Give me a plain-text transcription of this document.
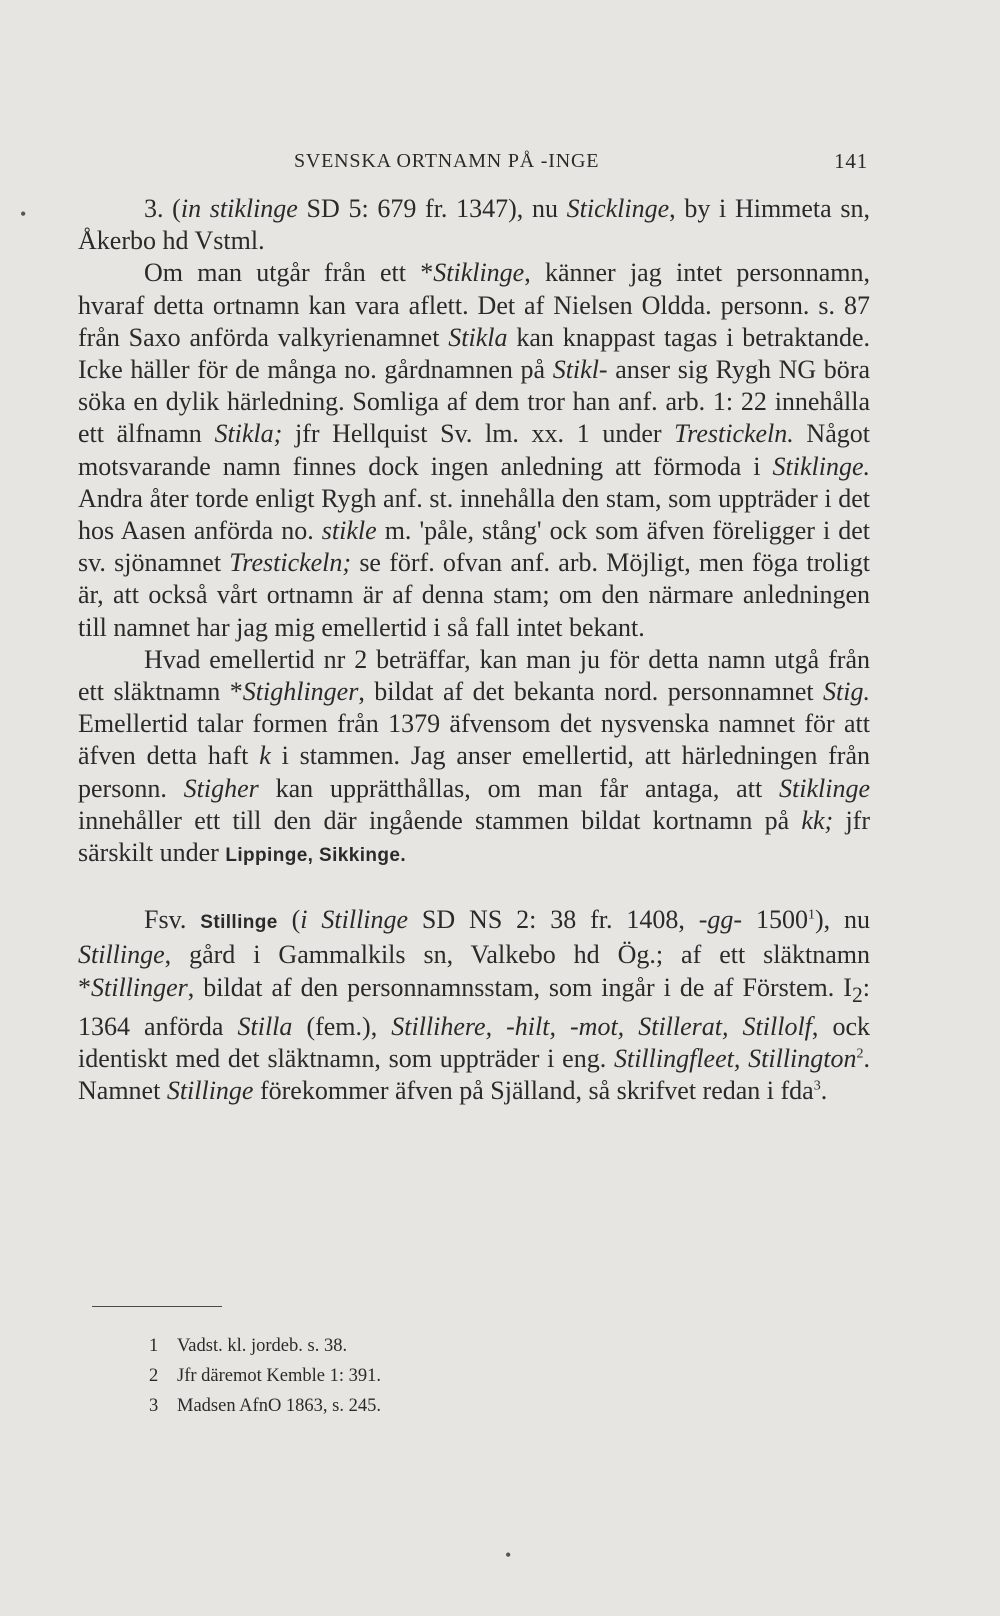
SVENSKA ORTNAMN PÅ -INGE	141

3. (in stiklinge SD 5: 679 fr. 1347), nu Sticklinge, by i Himmeta sn, Åkerbo hd Vstml.

Om man utgår från ett *Stiklinge, känner jag intet personnamn, hvaraf detta ortnamn kan vara aflett. Det af Nielsen Oldda. personn. s. 87 från Saxo anförda valkyrienamnet Stikla kan knappast tagas i betraktande. Icke häller för de många no. gårdnamnen på Stikl- anser sig Rygh NG böra söka en dylik härledning. Somliga af dem tror han anf. arb. 1: 22 innehålla ett älfnamn Stikla; jfr Hellquist Sv. lm. xx. 1 under Trestickeln. Något motsvarande namn finnes dock ingen anledning att förmoda i Stiklinge. Andra åter torde enligt Rygh anf. st. innehålla den stam, som uppträder i det hos Aasen anförda no. stikle m. 'påle, stång' ock som äfven föreligger i det sv. sjönamnet Trestickeln; se förf. ofvan anf. arb. Möjligt, men föga troligt är, att också vårt ortnamn är af denna stam; om den närmare anledningen till namnet har jag mig emellertid i så fall intet bekant.

Hvad emellertid nr 2 beträffar, kan man ju för detta namn utgå från ett släktnamn *Stighlinger, bildat af det bekanta nord. personnamnet Stig. Emellertid talar formen från 1379 äfvensom det nysvenska namnet för att äfven detta haft k i stammen. Jag anser emellertid, att härledningen från personn. Stigher kan upprätthållas, om man får antaga, att Stiklinge innehåller ett till den där ingående stammen bildat kortnamn på kk; jfr särskilt under Lippinge, Sikkinge.

Fsv. Stillinge (i Stillinge SD NS 2: 38 fr. 1408, -gg- 1500$^1$), nu Stillinge, gård i Gammalkils sn, Valkebo hd Ög.; af ett släktnamn *Stillinger, bildat af den personnamnsstam, som ingår i de af Förstem. $I_2$: 1364 anförda Stilla (fem.), Stillihere, -hilt, -mot, Stillerat, Stillolf, ock identiskt med det släktnamn, som uppträder i eng. Stillingfleet, Stillington$^2$. Namnet Stillinge förekommer äfven på Själland, så skrifvet redan i fda$^3$.

1	Vadst. kl. jordeb. s. 38.
2	Jfr däremot Kemble 1: 391.
3	Madsen AfnO 1863, s. 245.
•
•
